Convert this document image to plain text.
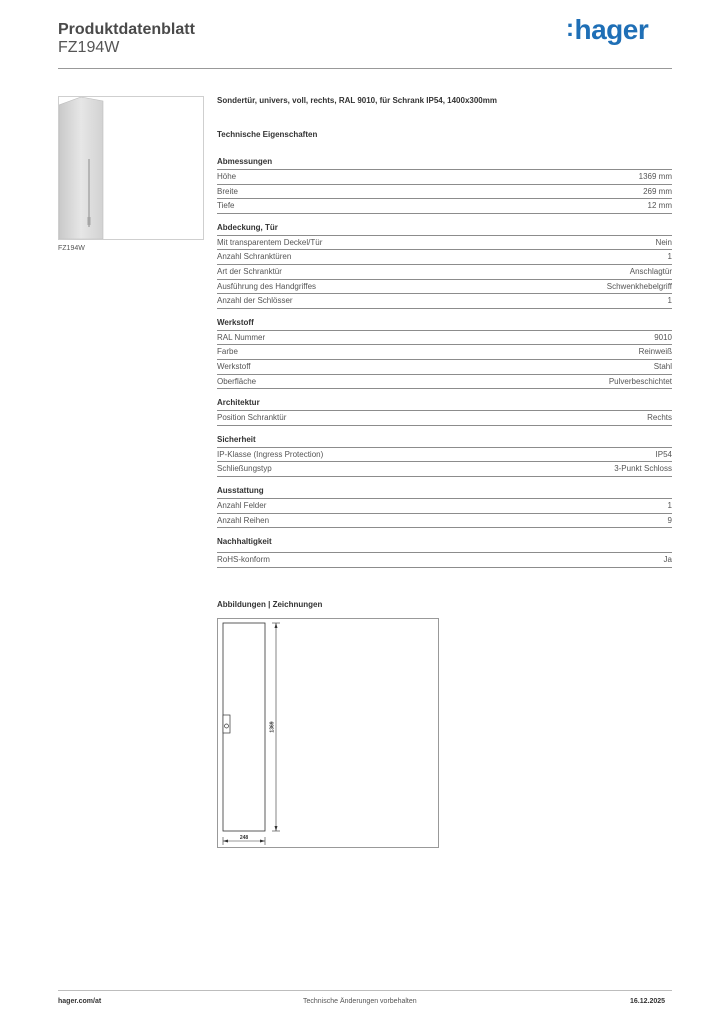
Produktdatenblatt
FZ194W
:hager
FZ194W
Sondertür, univers, voll, rechts, RAL 9010, für Schrank IP54, 1400x300mm
Technische Eigenschaften
Abmessungen
Höhe	1369 mm
Breite	269 mm
Tiefe	12 mm
Abdeckung, Tür
Mit transparentem Deckel/Tür	Nein
Anzahl Schranktüren	1
Art der Schranktür	Anschlagtür
Ausführung des Handgriffes	Schwenkhebelgriff
Anzahl der Schlösser	1
Werkstoff
RAL Nummer	9010
Farbe	Reinweiß
Werkstoff	Stahl
Oberfläche	Pulverbeschichtet
Architektur
Position Schranktür	Rechts
Sicherheit
IP-Klasse (Ingress Protection)	IP54
Schließungstyp	3-Punkt Schloss
Ausstattung
Anzahl Felder	1
Anzahl Reihen	9
Nachhaltigkeit
RoHS-konform	Ja
Abbildungen | Zeichnungen
1369
248
hager.com/at	Technische Änderungen vorbehalten	16.12.2025
